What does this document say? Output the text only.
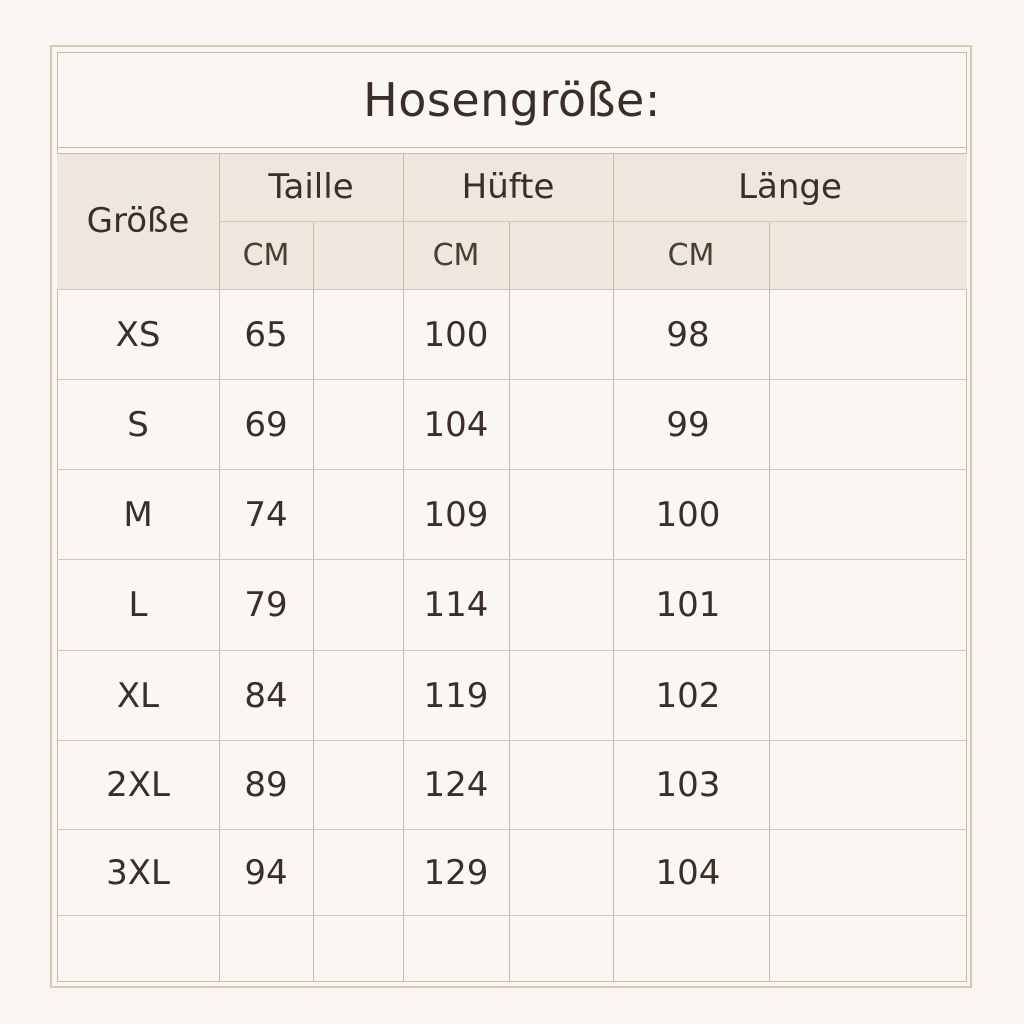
Hosengröße:
Größe
Taille	Hüfte	Länge
CM	CM	CM
XS	65	100	98
S	69	104	99
M	74	109	100
L	79	114	101
XL	84	119	102
2XL	89	124	103
3XL	94	129	104
